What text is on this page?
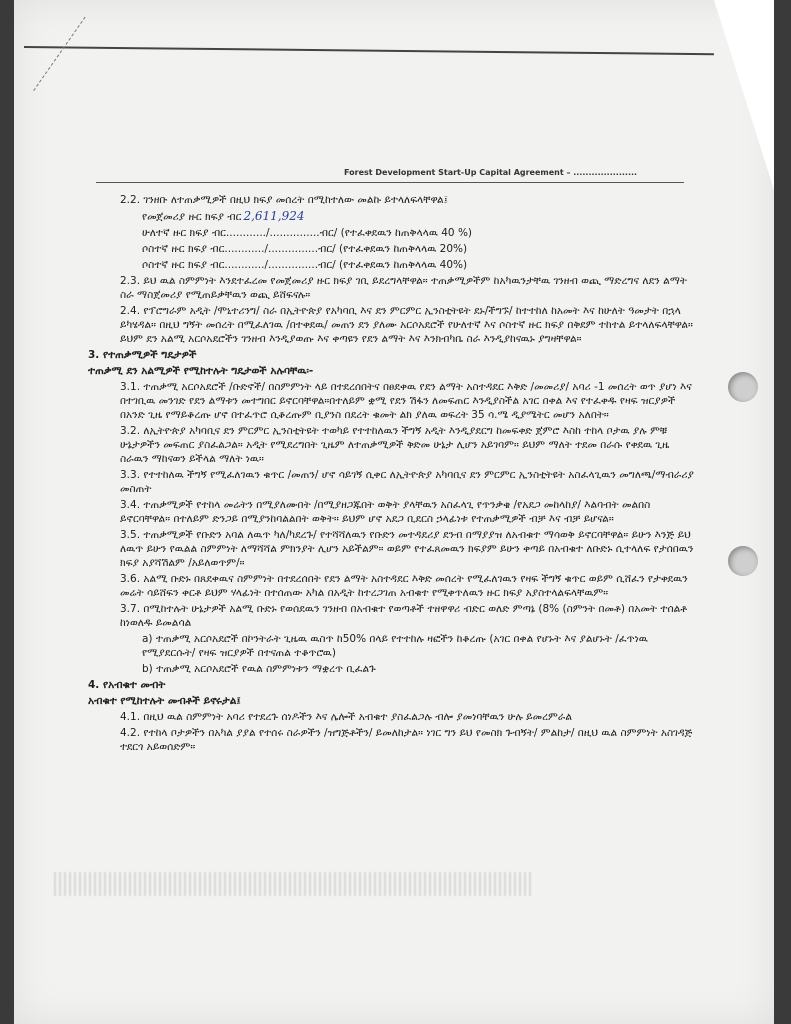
Forest Development Start-Up Capital Agreement – .....................

2.2. ገንዘቡ ለተጠቃሚዎች በዚህ ክፍያ መሰረት በሚከተለው መልኩ ይተላለፍላቸዋል፤

የመጀመሪያ ዙር ክፍያ ብር 2,611,924

ሁለተኛ ዙር ክፍያ ብር............/...............ብር/ (የተፈቀደዉን ከጠቅላላዉ 40 %)

ሶስተኛ ዙር ክፍያ ብር............/...............ብር/ (የተፈቀደዉን ከጠቅላላዉ 20%)

ሶስተኛ ዙር ክፍያ ብር............/...............ብር/ (የተፈቀደዉን ከጠቅላላዉ 40%)

2.3. ይህ ዉል ስምምነት እንደተፈረመ የመጀመሪያ ዙር ክፍያ ገቢ ይደረግላቸዋል። ተጠቃሚዎችም ከአካዉንታቸዉ ገንዘብ ወጪ ማድረግና ለደን ልማት ስራ ማስጀመሪያ የሚጠይቃቸዉን ወጪ ይሸፍናሉ።

2.4. የፕሮግራም አዲት /ሞኒተሪንግ/ ስራ በኢትዮጵያ የአካባቢ እና ደን ምርምር ኢንስቲትዩት ደኑ/ችግኙ/ ከተተከለ ከአመት እና ከሁለት ዓመታት በኋላ ይካሄዳል። በዚህ ግኝት መሰረት በሚፈለገዉ /በተቀደዉ/ መጠን ደን ያለሙ አርሶአደሮች የሁለተኛ እና ሶስተኛ ዙር ክፍያ በቅደም ተከተል ይተላለፍላቸዋል። ይህም ደን አልሚ አርሶአደሮችን ገንዘብ እንዲያወጡ እና ቀጣዩን የደን ልማት እና እንክብካቤ ስራ እንዲያከናዉኑ ያግዛቸዋል።

3. የተጠቃሚዎች ግዴታዎች

ተጠቃሚ ደን አልሚዎች የሚከተሉት ግዴታወች አሉባቸዉ፡-

3.1. ተጠቃሚ አርሶአደሮች /ቡድኖች/ በስምምነት ላይ በተደረሰበትና በፀደቀዉ የደን ልማት አስተዳደር እቅድ /መመሪያ/ አባሪ -1 መሰረት ወጥ ያሆነ እና በተገቢዉ መንገድ የደን ልማቱን መተግበር ይኖርባቸዋል።በተለይም ቋሚ የደን ሽፋን ለመፍጠር እንዲያስችል አገር በቀል እና የተፈቀዱ የዛፍ ዝርያዎች በአንድ ጊዜ የማይቆረጡ ሆኖ በተፈጥሮ ሲቆረጡም ቢያንስ በደረት ቁመት ልክ ያለዉ ወፍረት 35 ሳ.ሜ ዲያሜትር መሆን አለበት።

3.2. ለኢትዮጵያ አካባቢና ደን ምርምር ኢንስቲትዩት ተወካይ የተተከለዉን ችግኝ አዲት እንዲያደርግ ከመፍቀድ ጀምሮ እስከ ተከላ ቦታዉ ያሉ ምቹ ሁኔታዎችን መፍጠር ያስፈልጋል። አዲት የሚደረግበት ጊዜም ለተጠቃሚዎች ቅድመ ሁኔታ ሊሆን አይገባም። ይህም ማለት ተደመ በራሱ የቀደዉ ጊዜ ስራዉን ማከናወን ይችላል ማለት ነዉ።

3.3. የተተከለዉ ችግኝ የሚፈለገዉን ቁጥር /መጠን/ ሆኖ ሳይገኝ ሲቀር ለኢትዮጵያ አካባቢና ደን ምርምር ኢንስቲትዩት አስፈላጊዉን መግለጫ/ማብራሪያ መስጠት

3.4. ተጠቃሚዎች የተከላ መሬትን በሚያለሙበት /በሚያዘጋጁበት ወቅት ያላቸዉን አስፈላጊ የጥንቃቄ /የአደጋ መከላከያ/ እልባብት መልበስ ይኖርባቸዋል። በተለይም ድንጋይ በሚያንከባልልበት ወቅት። ይህም ሆኖ አደጋ ቢደርስ ኃላፊነቱ የተጠቃሚዎች ብቻ እና ብቻ ይሆናል።

3.5. ተጠቃሚዎች የቡድን አባል ለዉጥ ካለ/ካደረጉ/ የተሻሻለዉን የቡድን መተዳደሪያ ደንብ በማያያዝ ለአብቁተ ማሳወቅ ይኖርባቸዋል። ይሁን እንጅ ይህ ለዉጥ ይሁን የዉልል ስምምነት ለማሻሻል ምክንያት ሊሆን አይችልም። ወይም የተፈጸመዉን ክፍያም ይሁን ቀጣይ በአብቁተ ለቡድኑ ሲተላለፍ የታሰበዉን ክፍያ አያሻሽልም /አይለወጥም/።

3.6. አልሚ ቡድኑ በጸደቀዉና ስምምነት በተደረሰበት የደን ልማት አስተዳደር እቅድ መሰረት የሚፈለገዉን የዛፍ ችግኝ ቁጥር ወይም ሲሸፈን የታቀደዉን መሬት ሳይሸፍን ቀርቶ ይህም ሃላፊነት በተሰጠው አካል በአዲት ከተረጋገጠ አብቁተ የሚቀጥለዉን ዙር ክፍያ አያስተላልፍላቸዉም።

3.7. በሚከተሉት ሁኔታዎች አልሚ ቡድኑ የወሰደዉን ገንዘብ በአብቁተ የወጣቶች ተዘዋዋሪ ብድር ወለድ ምጣኔ (8% (ስምንት በመቶ) በአመት ተሰልቶ ከነወለዱ ይመልሳል

a) ተጠቃሚ አርሶአደሮች በኮንትራት ጊዜዉ ዉስጥ ከ50% በላይ የተተከሉ ዛፎችን ከቆረጡ (አገር በቀል የሆኑት እና ያልሆኑት /ፈጥነዉ የሚያደርሱት/ የዛፍ ዝርያዎች በተናጠል ተቆጥሮዉ)

b) ተጠቃሚ አርሶአደሮች የዉል ስምምነቱን ማቋረጥ ቢፈልጉ

4. የአብቁተ መብት

አብቁተ የሚከተሉት መብቶች ይኖሩታል፤

4.1. በዚህ ዉል ስምምነት አባሪ የተደረጉ ሰነዶችን እና ሌሎች አብቁተ ያስፈልጋሉ ብሎ ያመነባቸዉን ሁሉ ይመረምራል

4.2. የተከላ ቦታዎችን በአካል ያያል የተሰሩ ስራዎችን /ዝግጅቶችን/ ይመለከታል። ነገር ግን ይህ የመስክ ጉብኝት/ ምልከታ/ በዚህ ዉል ስምምነት አስገዳጅ ተደርጎ አይወሰድም።
